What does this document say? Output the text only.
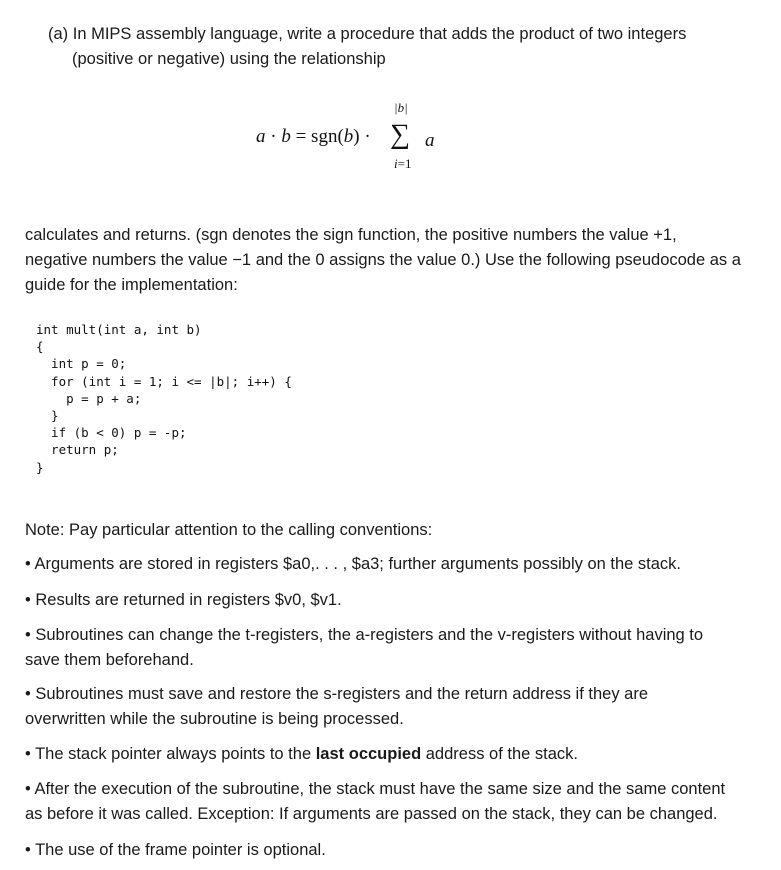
(a) In MIPS assembly language, write a procedure that adds the product of two integers

(positive or negative) using the relationship

a · b = sgn(b) ·
|b|
∑
i=1
a

calculates and returns. (sgn denotes the sign function, the positive numbers the value +1,
negative numbers the value −1 and the 0 assigns the value 0.) Use the following pseudocode as a
guide for the implementation:

int mult(int a, int b)
{
int p = 0;
for (int i = 1; i <= |b|; i++) {
p = p + a;
}
if (b < 0) p = -p;
return p;
}

Note: Pay particular attention to the calling conventions:

• Arguments are stored in registers $a0,. . . , $a3; further arguments possibly on the stack.

• Results are returned in registers $v0, $v1.

• Subroutines can change the t-registers, the a-registers and the v-registers without having to
save them beforehand.

• Subroutines must save and restore the s-registers and the return address if they are
overwritten while the subroutine is being processed.

• The stack pointer always points to the last occupied address of the stack.

• After the execution of the subroutine, the stack must have the same size and the same content
as before it was called. Exception: If arguments are passed on the stack, they can be changed.

• The use of the frame pointer is optional.
